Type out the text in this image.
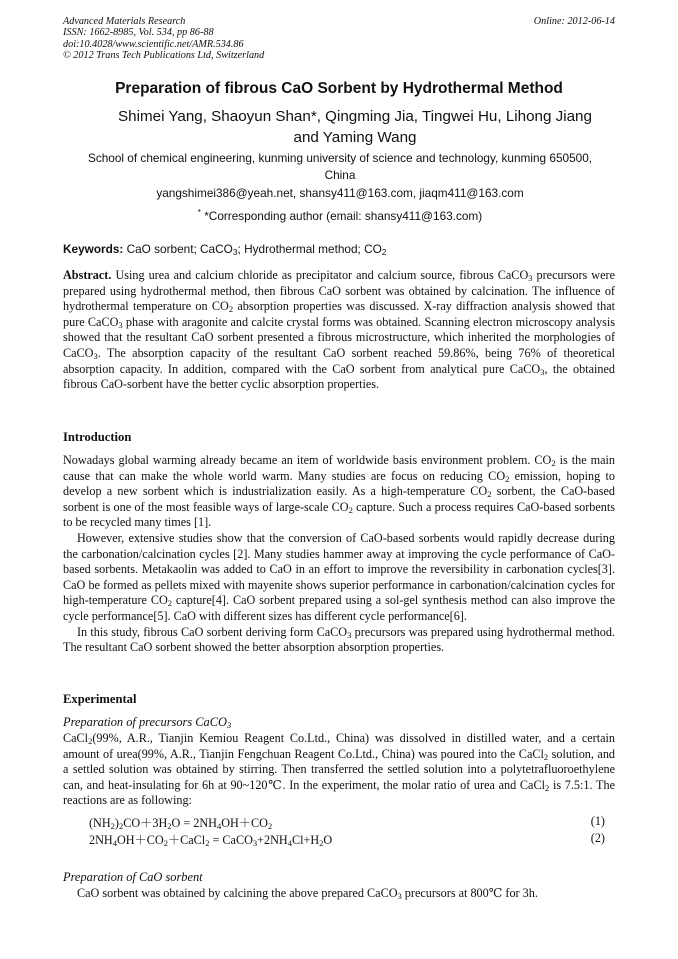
Advanced Materials Research
ISSN: 1662-8985, Vol. 534, pp 86-88
doi:10.4028/www.scientific.net/AMR.534.86
© 2012 Trans Tech Publications Ltd, Switzerland
Online: 2012-06-14
Preparation of fibrous CaO Sorbent by Hydrothermal Method
Shimei Yang, Shaoyun Shan*, Qingming Jia, Tingwei Hu, Lihong Jiang
and Yaming Wang
School of chemical engineering, kunming university of science and technology, kunming 650500,
China
yangshimei386@yeah.net, shansy411@163.com, jiaqm411@163.com
* *Corresponding author (email: shansy411@163.com)
Keywords: CaO sorbent; CaCO$_3$; Hydrothermal method; $CO_2$

Abstract. Using urea and calcium chloride as precipitator and calcium source, fibrous CaCO$_3$ precursors were prepared using hydrothermal method, then fibrous CaO sorbent was obtained by calcination. The influence of hydrothermal temperature on $CO_2$ absorption properties was discussed. X-ray diffraction analysis showed that pure CaCO$_3$ phase with aragonite and calcite crystal forms was obtained. Scanning electron microscopy analysis showed that the resultant CaO sorbent presented a fibrous microstructure, which inherited the morphologies of CaCO$_3$. The absorption capacity of the resultant CaO sorbent reached 59.86%, being 76% of theoretical absorption capacity. In addition, compared with the CaO sorbent from analytical pure CaCO$_3$, the obtained fibrous CaO-sorbent have the better cyclic absorption properties.

Introduction

Nowadays global warming already became an item of worldwide basis environment problem. $CO_2$ is the main cause that can make the whole world warm. Many studies are focus on reducing $CO_2$ emission, hoping to develop a new sorbent which is industrialization easily. As a high-temperature $CO_2$ sorbent, the CaO-based sorbent is one of the most feasible ways of large-scale $CO_2$ capture. Such a process requires CaO-based sorbents to be recycled many times [1].

However, extensive studies show that the conversion of CaO-based sorbents would rapidly decrease during the carbonation/calcination cycles [2]. Many studies hammer away at improving the cycle performance of CaO-based sorbents. Metakaolin was added to CaO in an effort to improve the reversibility in carbonation cycles[3]. CaO be formed as pellets mixed with mayenite shows superior performance in carbonation/calcination cycles for high-temperature $CO_2$ capture[4]. CaO sorbent prepared using a sol-gel synthesis method can also improve the cycle performance[5]. CaO with different sizes has different cycle performance[6].

In this study, fibrous CaO sorbent deriving form CaCO$_3$ precursors was prepared using hydrothermal method. The resultant CaO sorbent showed the better absorption absorption properties.

Experimental
Preparation of precursors CaCO$_3$

CaCl$_2$(99%, A.R., Tianjin Kemiou Reagent Co.Ltd., China) was dissolved in distilled water, and a certain amount of urea(99%, A.R., Tianjin Fengchuan Reagent Co.Ltd., China) was poured into the CaCl$_2$ solution, and a settled solution was obtained by stirring. Then transferred the settled solution into a polytetrafluoroethylene can, and heat-insulating for 6h at 90~120℃. In the experiment, the molar ratio of urea and CaCl$_2$ is 7.5:1. The reactions are as following:

$(NH_2)_2CO+3H_2O = 2NH_4OH+CO_2$	(1)
$2NH_4OH+CO_2+CaCl_2$ = $CaCO_3+2NH_4Cl+H_2O$	(2)
Preparation of CaO sorbent

CaO sorbent was obtained by calcining the above prepared CaCO$_3$ precursors at 800℃ for 3h.
